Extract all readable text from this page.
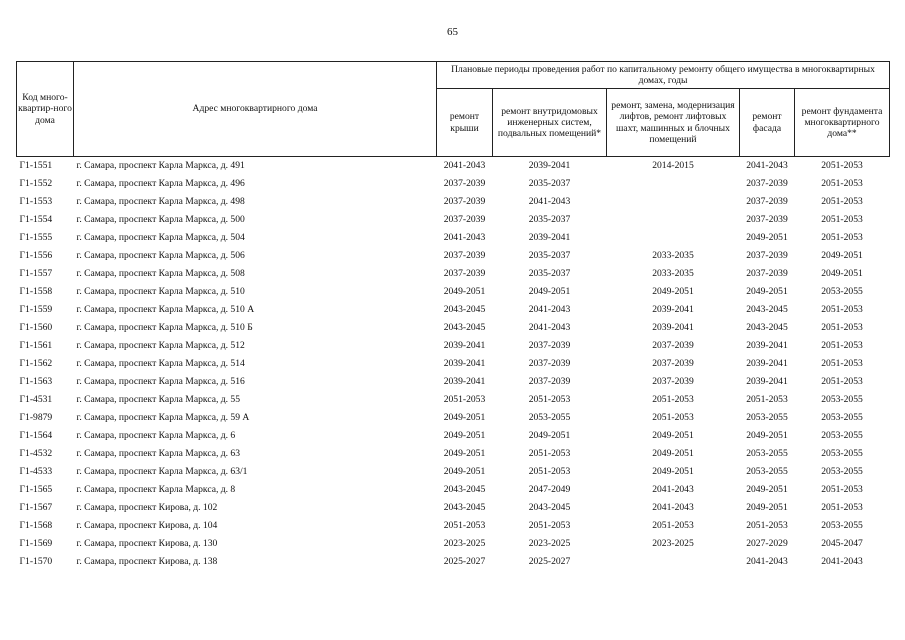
65
Код много-квартир-ного дома	Адрес многоквартирного дома	Плановые периоды проведения работ по капитальному ремонту общего имущества в многоквартирных домах, годы				
		ремонт крыши	ремонт внутридомовых инженерных систем, подвальных помещений*	ремонт, замена, модернизация лифтов, ремонт лифтовых шахт, машинных и блочных помещений	ремонт фасада	ремонт фундамента многоквартирного дома**
Г1-1551	г. Самара, проспект Карла Маркса, д. 491	2041-2043	2039-2041	2014-2015	2041-2043	2051-2053
Г1-1552	г. Самара, проспект Карла Маркса, д. 496	2037-2039	2035-2037		2037-2039	2051-2053
Г1-1553	г. Самара, проспект Карла Маркса, д. 498	2037-2039	2041-2043		2037-2039	2051-2053
Г1-1554	г. Самара, проспект Карла Маркса, д. 500	2037-2039	2035-2037		2037-2039	2051-2053
Г1-1555	г. Самара, проспект Карла Маркса, д. 504	2041-2043	2039-2041		2049-2051	2051-2053
Г1-1556	г. Самара, проспект Карла Маркса, д. 506	2037-2039	2035-2037	2033-2035	2037-2039	2049-2051
Г1-1557	г. Самара, проспект Карла Маркса, д. 508	2037-2039	2035-2037	2033-2035	2037-2039	2049-2051
Г1-1558	г. Самара, проспект Карла Маркса, д. 510	2049-2051	2049-2051	2049-2051	2049-2051	2053-2055
Г1-1559	г. Самара, проспект Карла Маркса, д. 510 А	2043-2045	2041-2043	2039-2041	2043-2045	2051-2053
Г1-1560	г. Самара, проспект Карла Маркса, д. 510 Б	2043-2045	2041-2043	2039-2041	2043-2045	2051-2053
Г1-1561	г. Самара, проспект Карла Маркса, д. 512	2039-2041	2037-2039	2037-2039	2039-2041	2051-2053
Г1-1562	г. Самара, проспект Карла Маркса, д. 514	2039-2041	2037-2039	2037-2039	2039-2041	2051-2053
Г1-1563	г. Самара, проспект Карла Маркса, д. 516	2039-2041	2037-2039	2037-2039	2039-2041	2051-2053
Г1-4531	г. Самара, проспект Карла Маркса, д. 55	2051-2053	2051-2053	2051-2053	2051-2053	2053-2055
Г1-9879	г. Самара, проспект Карла Маркса, д. 59 А	2049-2051	2053-2055	2051-2053	2053-2055	2053-2055
Г1-1564	г. Самара, проспект Карла Маркса, д. 6	2049-2051	2049-2051	2049-2051	2049-2051	2053-2055
Г1-4532	г. Самара, проспект Карла Маркса, д. 63	2049-2051	2051-2053	2049-2051	2053-2055	2053-2055
Г1-4533	г. Самара, проспект Карла Маркса, д. 63/1	2049-2051	2051-2053	2049-2051	2053-2055	2053-2055
Г1-1565	г. Самара, проспект Карла Маркса, д. 8	2043-2045	2047-2049	2041-2043	2049-2051	2051-2053
Г1-1567	г. Самара, проспект Кирова, д. 102	2043-2045	2043-2045	2041-2043	2049-2051	2051-2053
Г1-1568	г. Самара, проспект Кирова, д. 104	2051-2053	2051-2053	2051-2053	2051-2053	2053-2055
Г1-1569	г. Самара, проспект Кирова, д. 130	2023-2025	2023-2025	2023-2025	2027-2029	2045-2047
Г1-1570	г. Самара, проспект Кирова, д. 138	2025-2027	2025-2027		2041-2043	2041-2043
